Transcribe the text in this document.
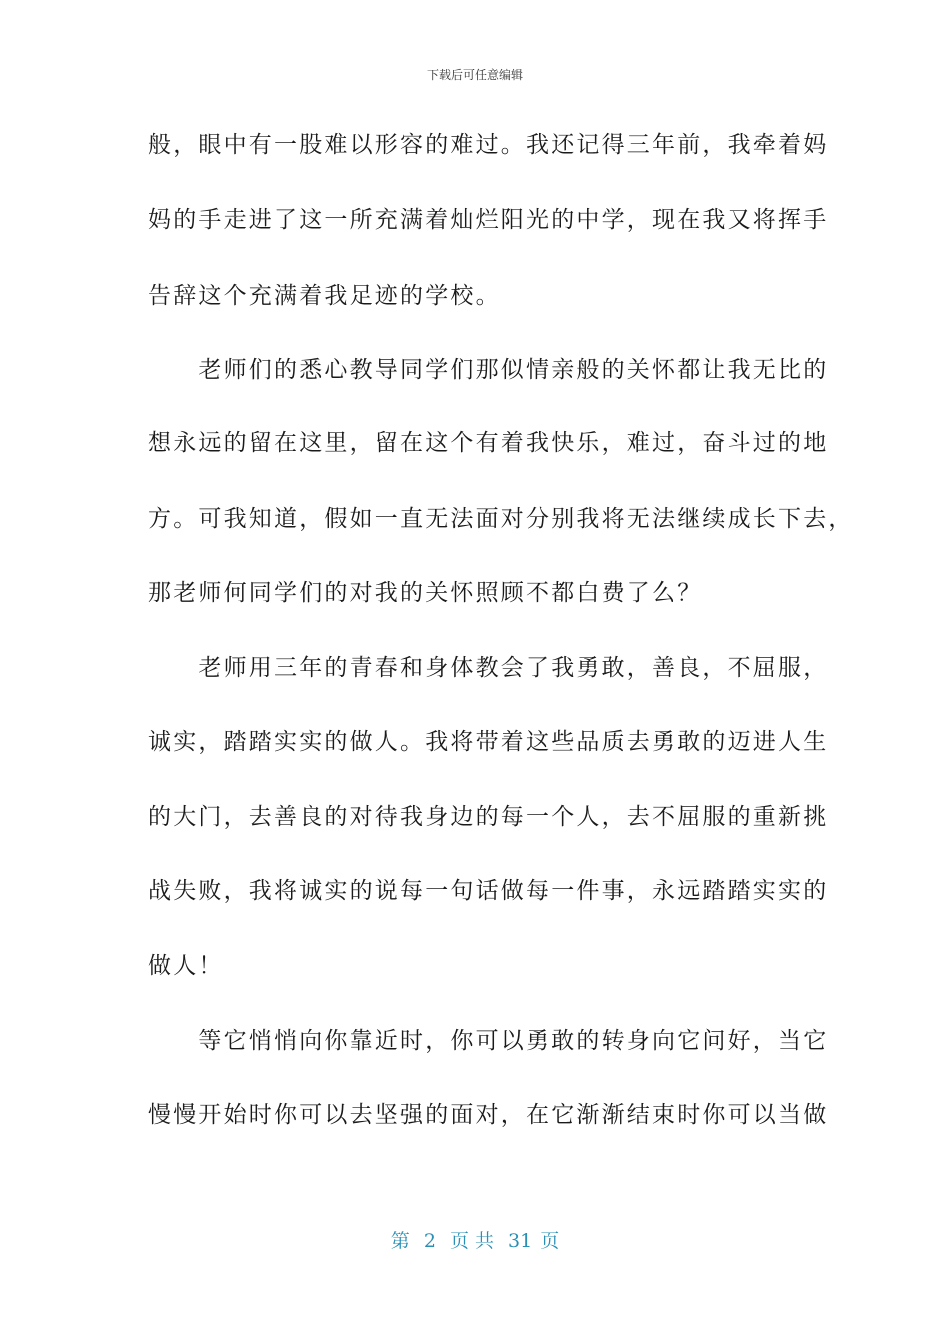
下载后可任意编辑
般，眼中有一股难以形容的难过。我还记得三年前，我牵着妈
妈的手走进了这一所充满着灿烂阳光的中学，现在我又将挥手
告辞这个充满着我足迹的学校。
　　老师们的悉心教导同学们那似情亲般的关怀都让我无比的
想永远的留在这里，留在这个有着我快乐，难过，奋斗过的地
方。可我知道，假如一直无法面对分别我将无法继续成长下去，
那老师何同学们的对我的关怀照顾不都白费了么？
　　老师用三年的青春和身体教会了我勇敢，善良，不屈服，
诚实，踏踏实实的做人。我将带着这些品质去勇敢的迈进人生
的大门，去善良的对待我身边的每一个人，去不屈服的重新挑
战失败，我将诚实的说每一句话做每一件事，永远踏踏实实的
做人！
　　等它悄悄向你靠近时，你可以勇敢的转身向它问好，当它
慢慢开始时你可以去坚强的面对，在它渐渐结束时你可以当做
第 2 页 共 31 页
